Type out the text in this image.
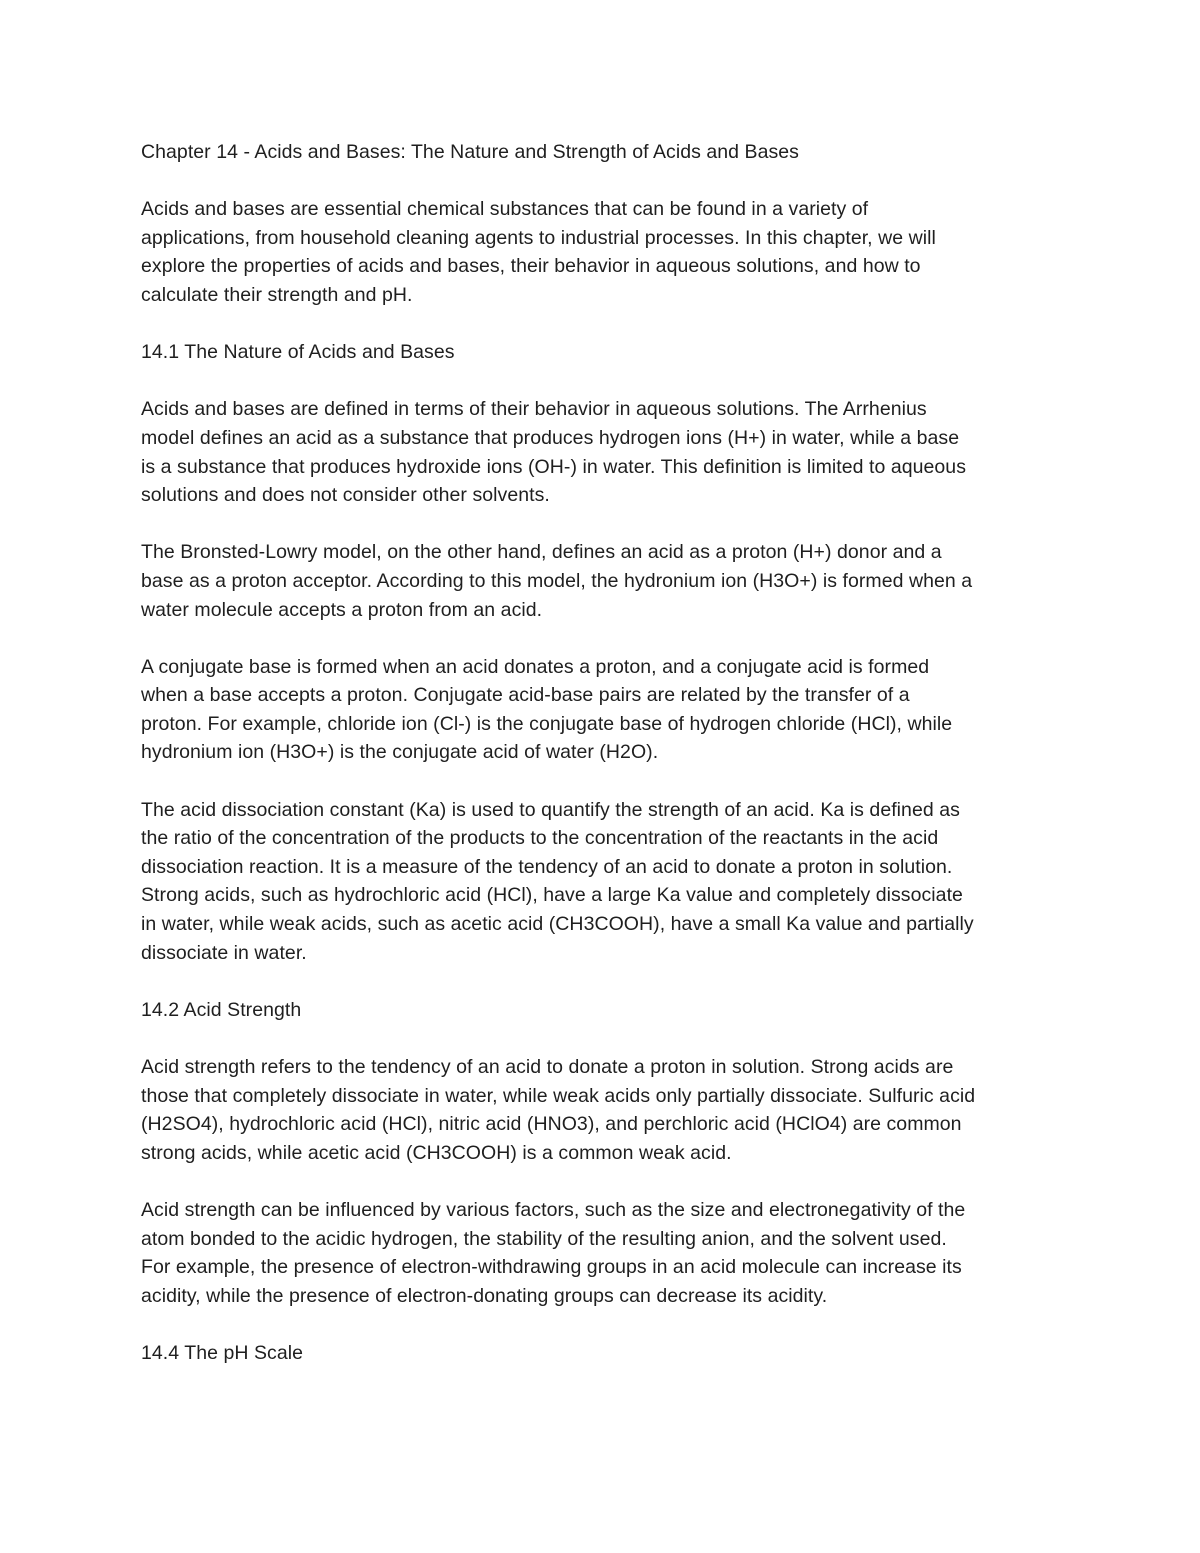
Chapter 14 - Acids and Bases: The Nature and Strength of Acids and Bases
Acids and bases are essential chemical substances that can be found in a variety of
applications, from household cleaning agents to industrial processes. In this chapter, we will
explore the properties of acids and bases, their behavior in aqueous solutions, and how to
calculate their strength and pH.
14.1 The Nature of Acids and Bases
Acids and bases are defined in terms of their behavior in aqueous solutions. The Arrhenius
model defines an acid as a substance that produces hydrogen ions (H+) in water, while a base
is a substance that produces hydroxide ions (OH-) in water. This definition is limited to aqueous
solutions and does not consider other solvents.
The Bronsted-Lowry model, on the other hand, defines an acid as a proton (H+) donor and a
base as a proton acceptor. According to this model, the hydronium ion (H3O+) is formed when a
water molecule accepts a proton from an acid.
A conjugate base is formed when an acid donates a proton, and a conjugate acid is formed
when a base accepts a proton. Conjugate acid-base pairs are related by the transfer of a
proton. For example, chloride ion (Cl-) is the conjugate base of hydrogen chloride (HCl), while
hydronium ion (H3O+) is the conjugate acid of water (H2O).
The acid dissociation constant (Ka) is used to quantify the strength of an acid. Ka is defined as
the ratio of the concentration of the products to the concentration of the reactants in the acid
dissociation reaction. It is a measure of the tendency of an acid to donate a proton in solution.
Strong acids, such as hydrochloric acid (HCl), have a large Ka value and completely dissociate
in water, while weak acids, such as acetic acid (CH3COOH), have a small Ka value and partially
dissociate in water.
14.2 Acid Strength
Acid strength refers to the tendency of an acid to donate a proton in solution. Strong acids are
those that completely dissociate in water, while weak acids only partially dissociate. Sulfuric acid
(H2SO4), hydrochloric acid (HCl), nitric acid (HNO3), and perchloric acid (HClO4) are common
strong acids, while acetic acid (CH3COOH) is a common weak acid.
Acid strength can be influenced by various factors, such as the size and electronegativity of the
atom bonded to the acidic hydrogen, the stability of the resulting anion, and the solvent used.
For example, the presence of electron-withdrawing groups in an acid molecule can increase its
acidity, while the presence of electron-donating groups can decrease its acidity.
14.4 The pH Scale
